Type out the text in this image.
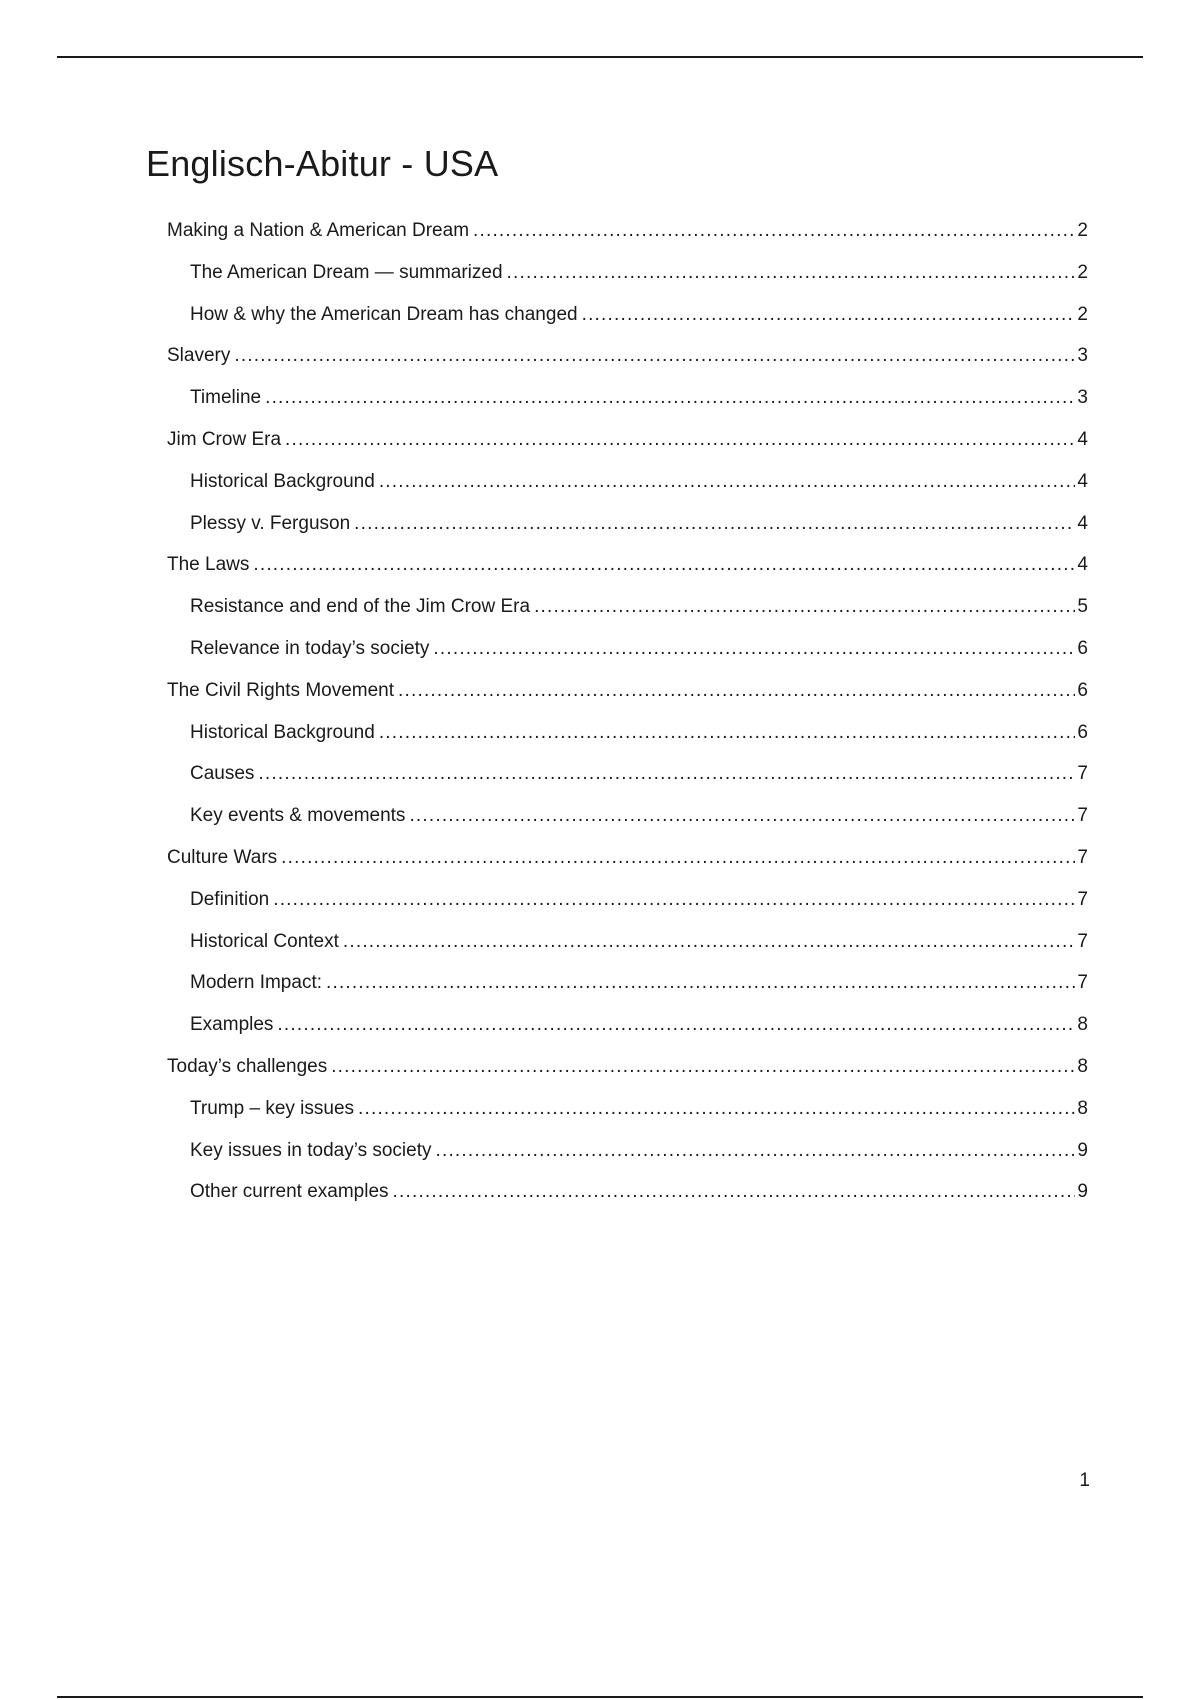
Englisch-Abitur - USA
Making a Nation & American Dream .....	2
The American Dream — summarized .....	2
How & why the American Dream has changed .....	2
Slavery .....	3
Timeline .....	3
Jim Crow Era .....	4
Historical Background .....	4
Plessy v. Ferguson .....	4
The Laws .....	4
Resistance and end of the Jim Crow Era .....	5
Relevance in today’s society .....	6
The Civil Rights Movement .....	6
Historical Background .....	6
Causes .....	7
Key events & movements .....	7
Culture Wars .....	7
Definition .....	7
Historical Context .....	7
Modern Impact: .....	7
Examples .....	8
Today’s challenges .....	8
Trump – key issues .....	8
Key issues in today’s society .....	9
Other current examples .....	9
1
